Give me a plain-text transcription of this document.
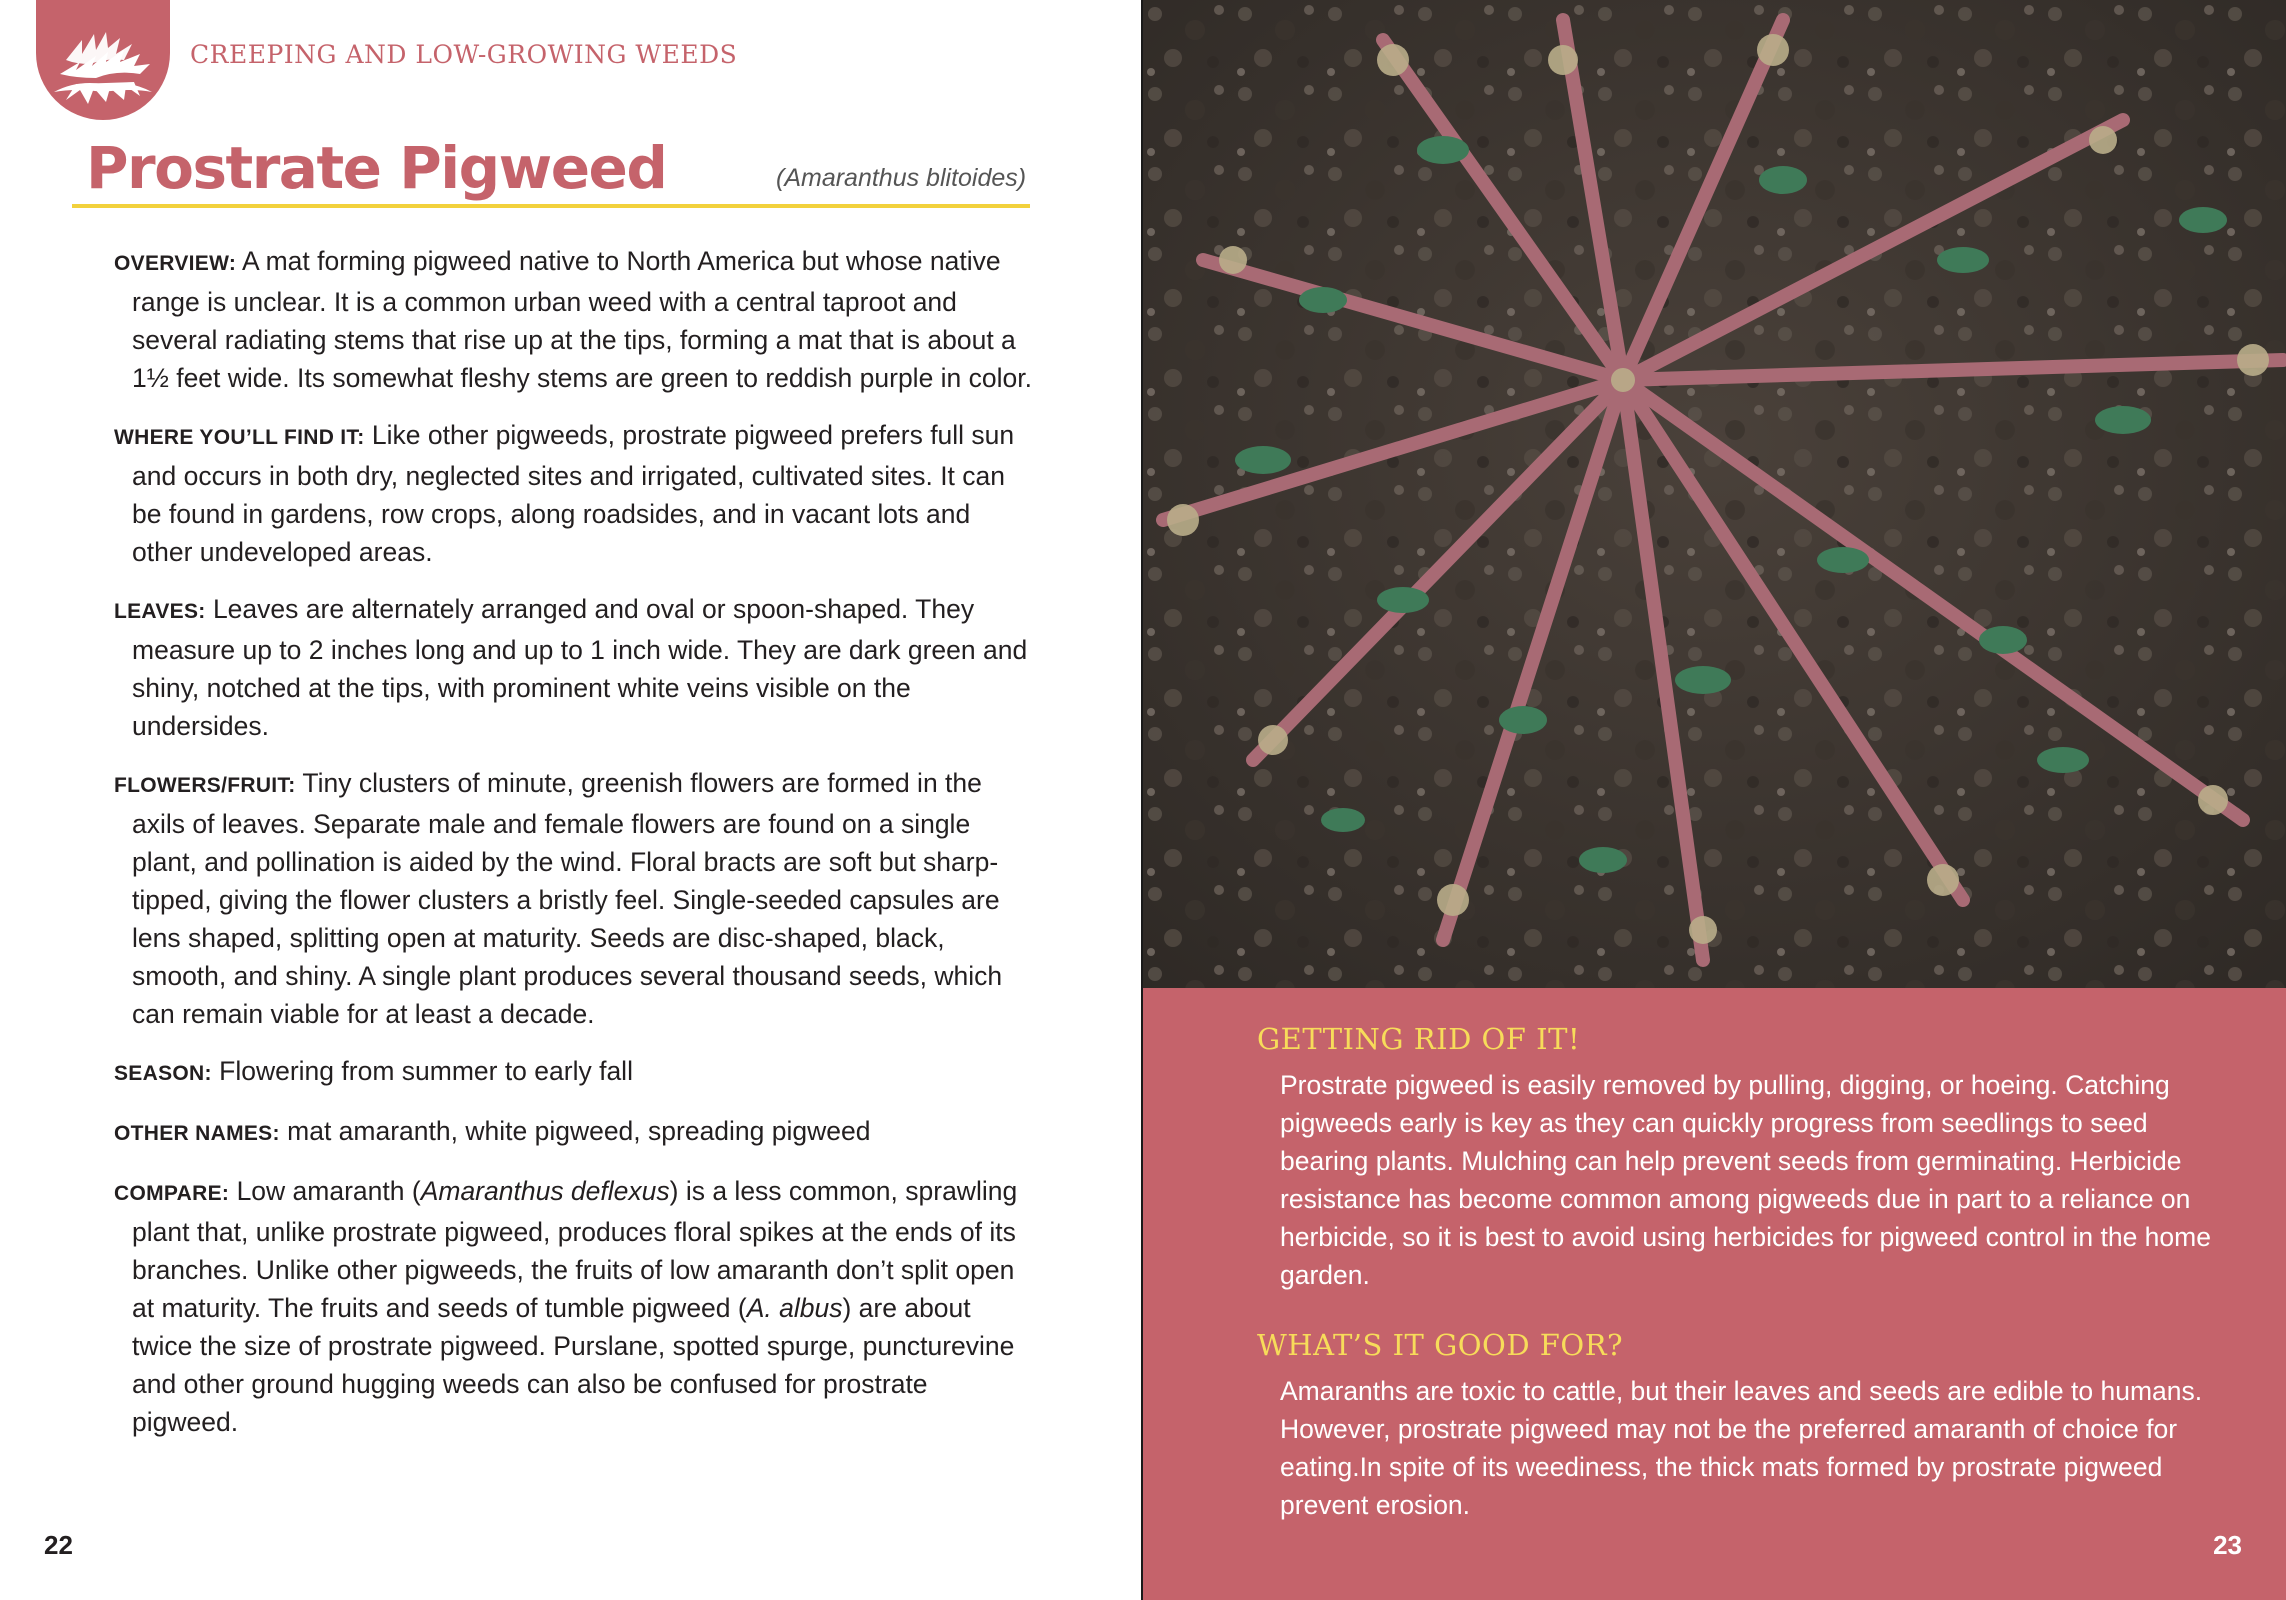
CREEPING AND LOW-GROWING WEEDS
Prostrate Pigweed	(Amaranthus blitoides)

OVERVIEW: A mat forming pigweed native to North America but whose native range is unclear. It is a common urban weed with a central taproot and several radiating stems that rise up at the tips, forming a mat that is about a 1½ feet wide. Its somewhat fleshy stems are green to reddish purple in color.

WHERE YOU’LL FIND IT: Like other pigweeds, prostrate pigweed prefers full sun and occurs in both dry, neglected sites and irrigated, cultivated sites. It can be found in gardens, row crops, along roadsides, and in vacant lots and other undeveloped areas.

LEAVES: Leaves are alternately arranged and oval or spoon-shaped. They measure up to 2 inches long and up to 1 inch wide. They are dark green and shiny, notched at the tips, with prominent white veins visible on the undersides.

FLOWERS/FRUIT: Tiny clusters of minute, greenish flowers are formed in the axils of leaves. Separate male and female flowers are found on a single plant, and pollination is aided by the wind. Floral bracts are soft but sharp-tipped, giving the flower clusters a bristly feel. Single-seeded capsules are lens shaped, splitting open at maturity. Seeds are disc-shaped, black, smooth, and shiny. A single plant produces several thousand seeds, which can remain viable for at least a decade.

SEASON: Flowering from summer to early fall

OTHER NAMES: mat amaranth, white pigweed, spreading pigweed

COMPARE: Low amaranth (Amaranthus deflexus) is a less common, sprawling plant that, unlike prostrate pigweed, produces floral spikes at the ends of its branches. Unlike other pigweeds, the fruits of low amaranth don’t split open at maturity. The fruits and seeds of tumble pigweed (A. albus) are about twice the size of prostrate pigweed. Purslane, spotted spurge, puncturevine and other ground hugging weeds can also be confused for prostrate pigweed.

22
GETTING RID OF IT!

Prostrate pigweed is easily removed by pulling, digging, or hoeing. Catching pigweeds early is key as they can quickly progress from seedlings to seed bearing plants. Mulching can help prevent seeds from germinating. Herbicide resistance has become common among pigweeds due in part to a reliance on herbicide, so it is best to avoid using herbicides for pigweed control in the home garden.

WHAT’S IT GOOD FOR?

Amaranths are toxic to cattle, but their leaves and seeds are edible to humans. However, prostrate pigweed may not be the preferred amaranth of choice for eating.In spite of its weediness, the thick mats formed by prostrate pigweed prevent erosion.

23
